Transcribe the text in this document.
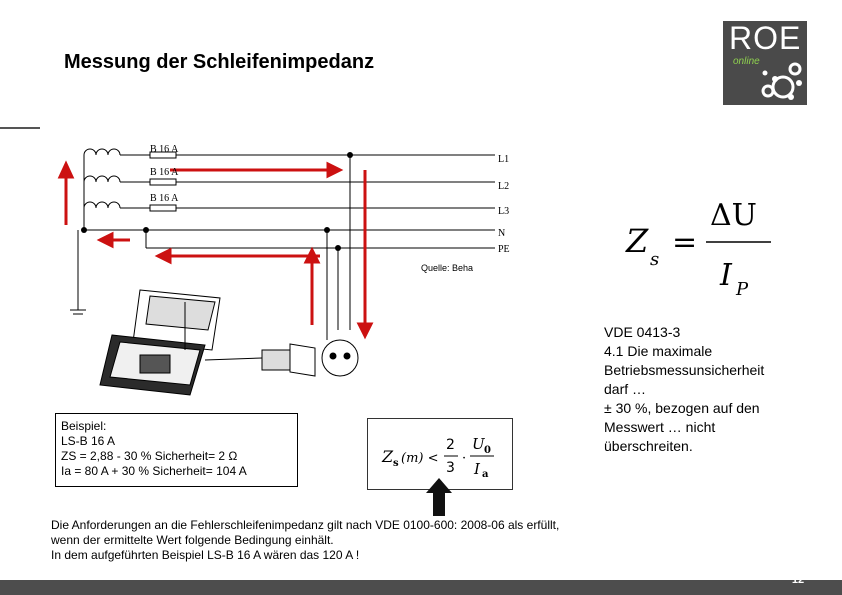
Messung der Schleifenimpedanz
ROE
online
B 16 A
B 16 A
B 16 A
L1
L2
L3
N
PE
Quelle: Beha
Z s =
ΔU
I P
VDE 0413-3
4.1 Die maximale
Betriebsmessunsicherheit
darf …
± 30 %, bezogen auf den
Messwert … nicht
überschreiten.
Beispiel:
LS-B 16 A
ZS = 2,88 - 30 % Sicherheit= 2 Ω
Ia = 80 A + 30 % Sicherheit= 104 A
Z s (m) <
2
3
·
U 0
I a
Die Anforderungen an die Fehlerschleifenimpedanz gilt nach VDE 0100-600: 2008-06 als erfüllt,
wenn der ermittelte Wert folgende Bedingung einhält.
In dem aufgeführten Beispiel LS-B 16 A wären das 120 A !
12
